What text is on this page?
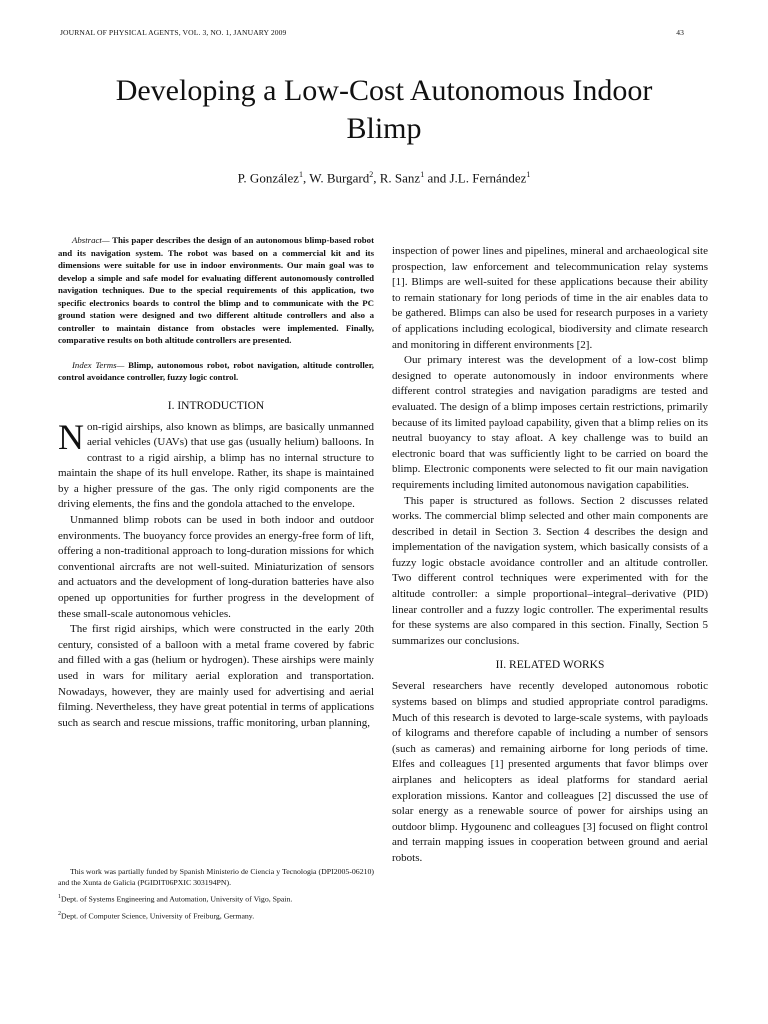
JOURNAL OF PHYSICAL AGENTS, VOL. 3, NO. 1, JANUARY 2009	43
Developing a Low-Cost Autonomous Indoor Blimp
P. González$^1$, W. Burgard$^2$, R. Sanz$^1$ and J.L. Fernández$^1$

Abstract— This paper describes the design of an autonomous blimp-based robot and its navigation system. The robot was based on a commercial kit and its dimensions were suitable for use in indoor environments. Our main goal was to develop a simple and safe model for evaluating different autonomously controlled navigation techniques. Due to the special requirements of this application, two specific electronics boards to control the blimp and to communicate with the PC ground station were designed and two different altitude controllers and also a controller to maintain distance from obstacles were implemented. Finally, comparative results on both altitude controllers are presented.

Index Terms— Blimp, autonomous robot, robot navigation, altitude controller, control avoidance controller, fuzzy logic control.

I. INTRODUCTION

Non-rigid airships, also known as blimps, are basically unmanned aerial vehicles (UAVs) that use gas (usually helium) balloons. In contrast to a rigid airship, a blimp has no internal structure to maintain the shape of its hull envelope. Rather, its shape is maintained by a higher pressure of the gas. The only rigid components are the driving elements, the fins and the gondola attached to the envelope.

Unmanned blimp robots can be used in both indoor and outdoor environments. The buoyancy force provides an energy-free form of lift, offering a non-traditional approach to long-duration missions for which conventional aircrafts are not well-suited. Miniaturization of sensors and actuators and the development of long-duration batteries have also opened up opportunities for further progress in the development of these small-scale autonomous vehicles.

The first rigid airships, which were constructed in the early 20th century, consisted of a balloon with a metal frame covered by fabric and filled with a gas (helium or hydrogen). These airships were mainly used in wars for military aerial exploration and transportation. Nowadays, however, they are mainly used for advertising and aerial filming. Nevertheless, they have great potential in terms of applications such as search and rescue missions, traffic monitoring, urban planning,

This work was partially funded by Spanish Ministerio de Ciencia y Tecnologia (DPI2005-06210) and the Xunta de Galicia (PGIDIT06PXIC 303194PN).

$^1$Dept. of Systems Engineering and Automation, University of Vigo, Spain.

$^2$Dept. of Computer Science, University of Freiburg, Germany.

inspection of power lines and pipelines, mineral and archaeological site prospection, law enforcement and telecommunication relay systems [1]. Blimps are well-suited for these applications because their ability to remain stationary for long periods of time in the air enables data to be gathered. Blimps can also be used for research purposes in a variety of applications including ecological, biodiversity and climate research and monitoring in different environments [2].

Our primary interest was the development of a low-cost blimp designed to operate autonomously in indoor environments where different control strategies and navigation paradigms are tested and evaluated. The design of a blimp imposes certain restrictions, primarily because of its limited payload capability, given that a blimp relies on its neutral buoyancy to stay afloat. A key challenge was to build an electronic board that was sufficiently light to be carried on board the blimp. Electronic components were selected to fit our main navigation requirements including limited autonomous navigation capabilities.

This paper is structured as follows. Section 2 discusses related works. The commercial blimp selected and other main components are described in detail in Section 3. Section 4 describes the design and implementation of the navigation system, which basically consists of a fuzzy logic obstacle avoidance controller and an altitude controller. Two different control techniques were experimented with for the altitude controller: a simple proportional–integral–derivative (PID) linear controller and a fuzzy logic controller. The experimental results for these systems are also compared in this section. Finally, Section 5 summarizes our conclusions.

II. RELATED WORKS

Several researchers have recently developed autonomous robotic systems based on blimps and studied appropriate control paradigms. Much of this research is devoted to large-scale systems, with payloads of kilograms and therefore capable of including a number of sensors (such as cameras) and remaining airborne for long periods of time. Elfes and colleagues [1] presented arguments that favor blimps over airplanes and helicopters as ideal platforms for standard aerial exploration missions. Kantor and colleagues [2] discussed the use of solar energy as a renewable source of power for airships using an outdoor blimp. Hygounenc and colleagues [3] focused on flight control and terrain mapping issues in cooperation between ground and aerial robots.
